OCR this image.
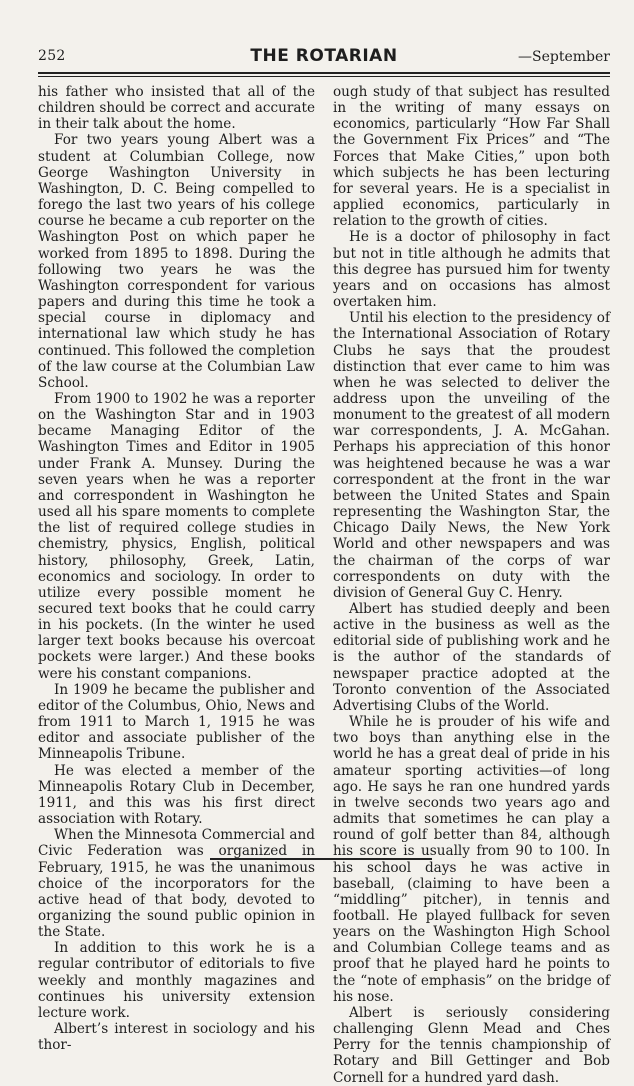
252	THE ROTARIAN	—September

his father who insisted that all of the children should be correct and accurate in their talk about the home.

For two years young Albert was a student at Columbian College, now George Washington University in Washington, D. C. Being compelled to forego the last two years of his college course he became a cub reporter on the Washington Post on which paper he worked from 1895 to 1898. During the following two years he was the Washington correspondent for various papers and during this time he took a special course in diplomacy and international law which study he has continued. This followed the completion of the law course at the Columbian Law School.

From 1900 to 1902 he was a reporter on the Washington Star and in 1903 became Managing Editor of the Washington Times and Editor in 1905 under Frank A. Munsey. During the seven years when he was a reporter and correspondent in Washington he used all his spare moments to complete the list of required college studies in chemistry, physics, English, political history, philosophy, Greek, Latin, economics and sociology. In order to utilize every possible moment he secured text books that he could carry in his pockets. (In the winter he used larger text books because his overcoat pockets were larger.) And these books were his constant companions.

In 1909 he became the publisher and editor of the Columbus, Ohio, News and from 1911 to March 1, 1915 he was editor and associate publisher of the Minneapolis Tribune.

He was elected a member of the Minneapolis Rotary Club in December, 1911, and this was his first direct association with Rotary.

When the Minnesota Commercial and Civic Federation was organized in February, 1915, he was the unanimous choice of the incorporators for the active head of that body, devoted to organizing the sound public opinion in the State.

In addition to this work he is a regular contributor of editorials to five weekly and monthly magazines and continues his university extension lecture work.

Albert’s interest in sociology and his thor-

ough study of that subject has resulted in the writing of many essays on economics, particularly “How Far Shall the Government Fix Prices” and “The Forces that Make Cities,” upon both which subjects he has been lecturing for several years. He is a specialist in applied economics, particularly in relation to the growth of cities.

He is a doctor of philosophy in fact but not in title although he admits that this degree has pursued him for twenty years and on occasions has almost overtaken him.

Until his election to the presidency of the International Association of Rotary Clubs he says that the proudest distinction that ever came to him was when he was selected to deliver the address upon the unveiling of the monument to the greatest of all modern war correspondents, J. A. McGahan. Perhaps his appreciation of this honor was heightened because he was a war correspondent at the front in the war between the United States and Spain representing the Washington Star, the Chicago Daily News, the New York World and other newspapers and was the chairman of the corps of war correspondents on duty with the division of General Guy C. Henry.

Albert has studied deeply and been active in the business as well as the editorial side of publishing work and he is the author of the standards of newspaper practice adopted at the Toronto convention of the Associated Advertising Clubs of the World.

While he is prouder of his wife and two boys than anything else in the world he has a great deal of pride in his amateur sporting activities—of long ago. He says he ran one hundred yards in twelve seconds two years ago and admits that sometimes he can play a round of golf better than 84, although his score is usually from 90 to 100. In his school days he was active in baseball, (claiming to have been a “middling” pitcher), in tennis and football. He played fullback for seven years on the Washington High School and Columbian College teams and as proof that he played hard he points to the “note of emphasis” on the bridge of his nose.

Albert is seriously considering challenging Glenn Mead and Ches Perry for the tennis championship of Rotary and Bill Gettinger and Bob Cornell for a hundred yard dash.
